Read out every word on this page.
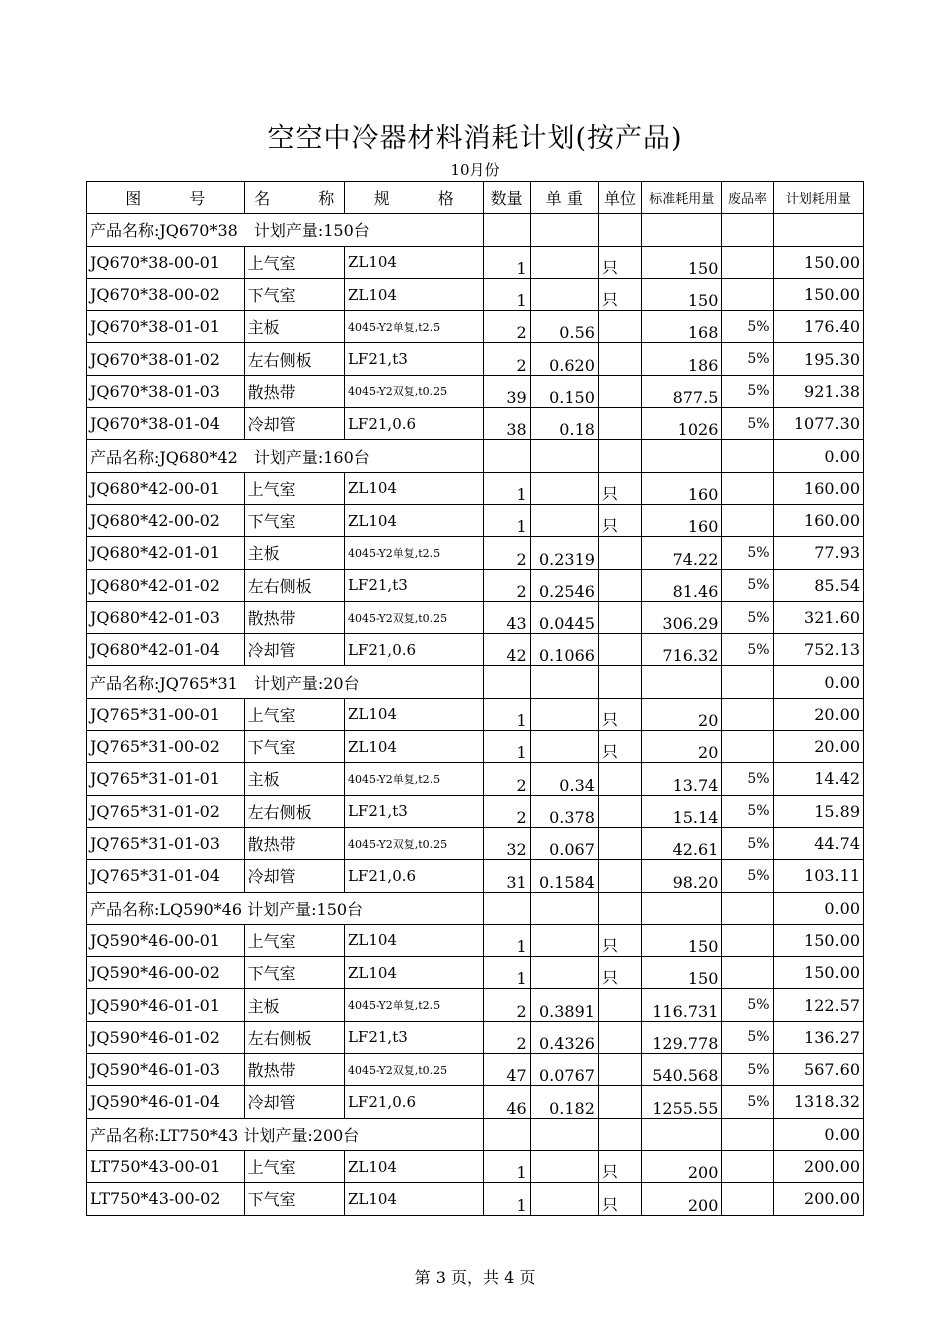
空空中冷器材料消耗计划(按产品)
10月份
图　　　号	名　　　称	规　　　格	数量	单 重	单位	标准耗用量	废品率	计划耗用量
产品名称:JQ670*38　计划产量:150台								
JQ670*38-00-01	上气室	ZL104	1		只	150		150.00
JQ670*38-00-02	下气室	ZL104	1		只	150		150.00
JQ670*38-01-01	主板	4045-Y2单复,t2.5	2	0.56		168	5%	176.40
JQ670*38-01-02	左右侧板	LF21,t3	2	0.620		186	5%	195.30
JQ670*38-01-03	散热带	4045-Y2双复,t0.25	39	0.150		877.5	5%	921.38
JQ670*38-01-04	冷却管	LF21,0.6	38	0.18		1026	5%	1077.30
产品名称:JQ680*42　计划产量:160台								0.00
JQ680*42-00-01	上气室	ZL104	1		只	160		160.00
JQ680*42-00-02	下气室	ZL104	1		只	160		160.00
JQ680*42-01-01	主板	4045-Y2单复,t2.5	2	0.2319		74.22	5%	77.93
JQ680*42-01-02	左右侧板	LF21,t3	2	0.2546		81.46	5%	85.54
JQ680*42-01-03	散热带	4045-Y2双复,t0.25	43	0.0445		306.29	5%	321.60
JQ680*42-01-04	冷却管	LF21,0.6	42	0.1066		716.32	5%	752.13
产品名称:JQ765*31　计划产量:20台								0.00
JQ765*31-00-01	上气室	ZL104	1		只	20		20.00
JQ765*31-00-02	下气室	ZL104	1		只	20		20.00
JQ765*31-01-01	主板	4045-Y2单复,t2.5	2	0.34		13.74	5%	14.42
JQ765*31-01-02	左右侧板	LF21,t3	2	0.378		15.14	5%	15.89
JQ765*31-01-03	散热带	4045-Y2双复,t0.25	32	0.067		42.61	5%	44.74
JQ765*31-01-04	冷却管	LF21,0.6	31	0.1584		98.20	5%	103.11
产品名称:LQ590*46 计划产量:150台								0.00
JQ590*46-00-01	上气室	ZL104	1		只	150		150.00
JQ590*46-00-02	下气室	ZL104	1		只	150		150.00
JQ590*46-01-01	主板	4045-Y2单复,t2.5	2	0.3891		116.731	5%	122.57
JQ590*46-01-02	左右侧板	LF21,t3	2	0.4326		129.778	5%	136.27
JQ590*46-01-03	散热带	4045-Y2双复,t0.25	47	0.0767		540.568	5%	567.60
JQ590*46-01-04	冷却管	LF21,0.6	46	0.182		1255.55	5%	1318.32
产品名称:LT750*43 计划产量:200台								0.00
LT750*43-00-01	上气室	ZL104	1		只	200		200.00
LT750*43-00-02	下气室	ZL104	1		只	200		200.00
第 3 页，共 4 页
